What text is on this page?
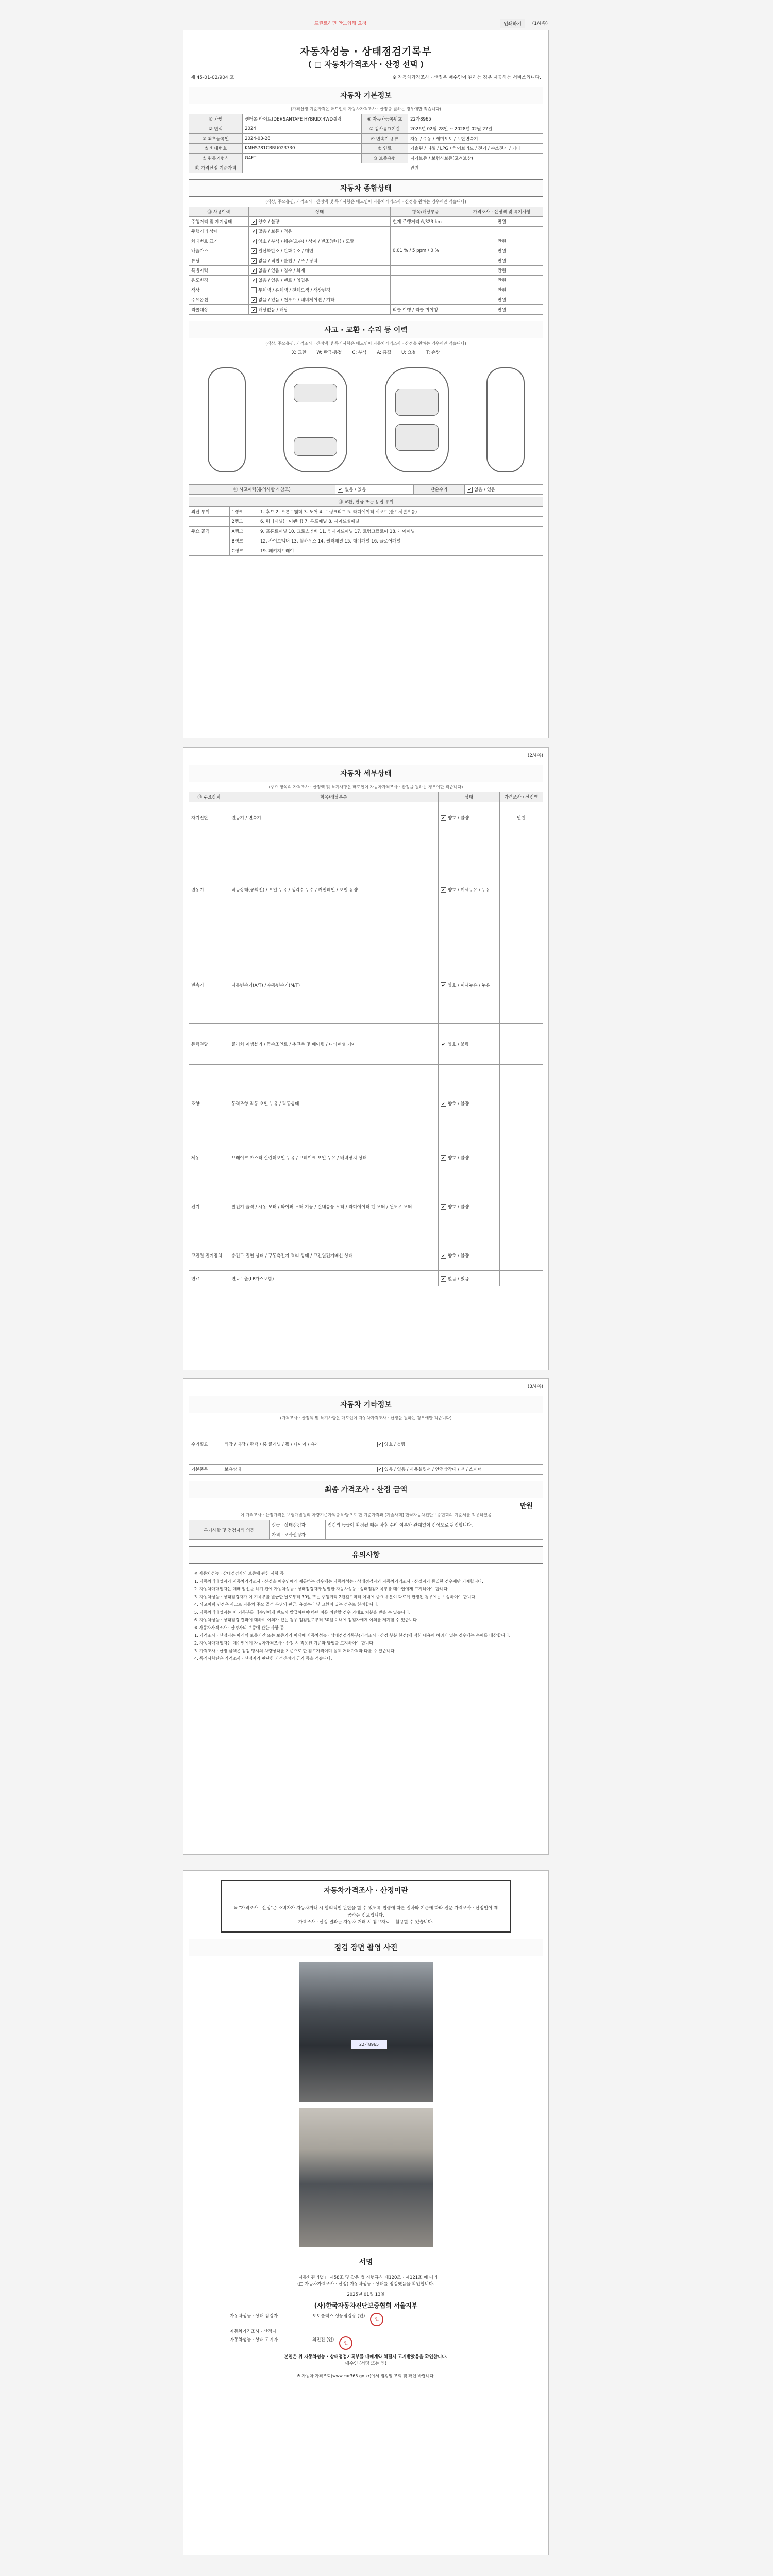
프린트하면 안보입해 요청	인쇄하기	(1/4쪽)
자동차성능 · 상태점검기록부
( □ 자동차가격조사 · 산정 선택 )
제 45-01-02/904 호	※ 자동차가격조사 · 산정은 매수인이 원하는 경우 제공하는 서비스입니다.
자동차 기본정보
(가격산정 기준가격은 매도인이 자동차가격조사 · 산정을 원하는 경우에만 적습니다)
① 차명	센터롤 라이트(DE)(SANTAFE HYBRID)4WD캘링	⑧ 자동차등록번호	22가8965
② 연식	2024	⑨ 검사유효기간	2026년 02월 28일 ~ 2028년 02월 27일
③ 최초등록일	2024-03-28	④ 변속기 종류	자동 / 수동 / 세미오토 / 무단변속기
⑤ 차대번호	KMHS781CBRU023730	⑦ 연료	가솔린 / 디젤 / LPG / 하이브리드 / 전기 / 수소전기 / 기타
⑥ 원동기형식	G4FT	⑩ 보증유형	자가보증 / 보험사보증(고려보상)
⑪ 가격산정 기준가격			만원
자동차 종합상태
(색상, 주요옵션, 가격조사 · 산정액 및 특기사항은 매도인이 자동차가격조사 · 산정을 원하는 경우에만 적습니다)
⑫ 사용이력	상태	항목/해당부품	가격조사 · 산정액 및 특기사항
주행거리 및 계기상태	✔양호 / 불량	현재 주행거리 6,323 km	만원
주행거리 상태	✔많음 / 보통 / 적음		
차대번호 표기	✔양호 / 부식 / 훼손(오손) / 상이 / 변조(변타) / 도말		만원
배출가스	✔일산화탄소 / 탄화수소 / 매연	0.01 % / 5 ppm / 0 %	만원
튜닝	✔없음 / 적법 / 불법 / 구조 / 장치		만원
특별이력	✔없음 / 있음 / 침수 / 화재		만원
용도변경	✔없음 / 있음 / 렌트 / 영업용		만원
색상	무채색 / 유채색 / 전체도색 / 색상변경		만원
주요옵션	✔없음 / 있음 / 썬루프 / 네비게이션 / 기타		만원
리콜대상	✔해당없음 / 해당	리콜 이행 / 리콜 미이행	만원
사고 · 교환 · 수리 등 이력
(색상, 주요옵션, 가격조사 · 산정액 및 특기사항은 매도인이 자동차가격조사 · 산정을 원하는 경우에만 적습니다)
X: 교환 W: 판금·용접 C: 부식 A: 흠집 U: 요철 T: 손상
⑬ 사고이력(유의사항 4 참조)	✔없음 / 있음	단순수리	✔없음 / 있음
⑭ 교환, 판금 또는 용접 부위		
외판 부위	1랭크	1. 후드 2. 프론트휀더 3. 도어 4. 트렁크리드 5. 라디에이터 서포트(볼트체결부품)
	2랭크	6. 쿼터패널(리어펜더) 7. 루프패널 8. 사이드실패널
주요 골격	A랭크	9. 프론트패널 10. 크로스멤버 11. 인사이드패널 17. 트렁크플로어 18. 리어패널
	B랭크	12. 사이드멤버 13. 휠하우스 14. 필러패널 15. 대쉬패널 16. 플로어패널
	C랭크	19. 패키지트레이
(2/4쪽)
자동차 세부상태
(주요 항목의 가격조사 · 산정액 및 특기사항은 매도인이 자동차가격조사 · 산정을 원하는 경우에만 적습니다)
⑮ 주요장치	항목/해당부품	상태	가격조사 · 산정액
자기진단	원동기 / 변속기	✔양호 / 불량	만원
원동기	작동상태(공회전) / 오일 누유 / 냉각수 누수 / 커먼레일 / 오일 유량	✔양호 / 미세누유 / 누유	
변속기	자동변속기(A/T) / 수동변속기(M/T)	✔양호 / 미세누유 / 누유	
동력전달	클러치 어셈블리 / 등속조인트 / 추진축 및 베어링 / 디퍼렌셜 기어	✔양호 / 불량	
조향	동력조향 작동 오일 누유 / 작동상태	✔양호 / 불량	
제동	브레이크 마스터 실린더오일 누유 / 브레이크 오일 누유 / 배력장치 상태	✔양호 / 불량	
전기	발전기 출력 / 시동 모터 / 와이퍼 모터 기능 / 실내송풍 모터 / 라디에이터 팬 모터 / 윈도우 모터	✔양호 / 불량	
고전원 전기장치	충전구 절연 상태 / 구동축전지 격리 상태 / 고전원전기배선 상태	✔양호 / 불량	
연료	연료누출(LP가스포함)	✔없음 / 있음	
(3/4쪽)
자동차 기타정보
(가격조사 · 산정액 및 특기사항은 매도인이 자동차가격조사 · 산정을 원하는 경우에만 적습니다)
수리필요	외장 / 내장 / 광택 / 룸 클리닝 / 휠 / 타이어 / 유리	✔양호 / 불량
기본품목	보유상태	✔있음 / 없음 / 사용설명서 / 안전삼각대 / 잭 / 스패너
최종 가격조사 · 산정 금액
만원
이 가격조사 · 산정가격은 보험개발원의 차량기준가액을 바탕으로 한 기준가격과 [기술사회] 한국자동차진단보증협회의 기준서를 적용하였음
특기사항 및 점검자의 의견	성능 · 상태점검자	점검의 등급이 확정될 때는 차후 수리 여부와 관계없이 정상으로 판정합니다.
	가격 · 조사산정자	
유의사항

※ 자동차성능 · 상태점검자의 보증에 관한 사항 등

1. 자동차매매업자가 자동차가격조사 · 산정을 매수인에게 제공하는 경우에는 자동차성능 · 상태점검자와 자동차가격조사 · 산정자가 동일한 경우에만 기재합니다.

2. 자동차매매업자는 매매 알선을 하기 전에 자동차성능 · 상태점검자가 발행한 자동차성능 · 상태점검기록부를 매수인에게 고지하여야 합니다.

3. 자동차성능 · 상태점검자가 이 기록부를 발급한 날로부터 30일 또는 주행거리 2천킬로미터 이내에 중요 부분이 다르게 판정된 경우에는 보상하여야 합니다.

4. 사고이력 인정은 사고로 자동차 주요 골격 부위의 판금, 용접수리 및 교환이 있는 경우로 한정합니다.

5. 자동차매매업자는 이 기록부를 매수인에게 반드시 발급하여야 하며 이를 위반할 경우 과태료 처분을 받을 수 있습니다.

6. 자동차성능 · 상태점검 결과에 대하여 이의가 있는 경우 점검일로부터 30일 이내에 점검자에게 이의를 제기할 수 있습니다.

※ 자동차가격조사 · 산정자의 보증에 관한 사항 등

1. 가격조사 · 산정자는 아래의 보증기간 또는 보증거리 이내에 자동차성능 · 상태점검기록부(가격조사 · 산정 부분 한정)에 적힌 내용에 허위가 있는 경우에는 손해를 배상합니다.

2. 자동차매매업자는 매수인에게 자동차가격조사 · 산정 시 적용된 기준과 방법을 고지하여야 합니다.

3. 가격조사 · 산정 금액은 점검 당시의 차량상태를 기준으로 한 참고가격이며 실제 거래가격과 다를 수 있습니다.

4. 특기사항란은 가격조사 · 산정자가 판단한 가격산정의 근거 등을 적습니다.

자동차가격조사 · 산정이란
※ "가격조사 · 산정"은 소비자가 자동차거래 시 합리적인 판단을 할 수 있도록 법령에 따른 절차와 기준에 따라 전문 가격조사 · 산정인이 제공하는 정보입니다.
가격조사 · 산정 결과는 자동차 거래 시 참고자료로 활용할 수 있습니다.
점검 장면 촬영 사진
22가8965
서명
「자동차관리법」 제58조 및 같은 법 시행규칙 제120조 · 제121조 에 따라
(□ 자동차가격조사 · 산정) 자동차성능 · 상태를 점검했음을 확인합니다.
2025년 01월 13일
(사)한국자동차진단보증협회 서울지부
자동차성능 · 상태 점검자	오토플렉스 성능점검장 (인)
인
자동차가격조사 · 산정자
자동차성능 · 상태 고지자	최민진 (인)
인
본인은 위 자동차성능 · 상태점검기록부를 매매계약 체결시 고지받았음을 확인합니다.
매수인 (서명 또는 인)
※ 자동차 가격조회(www.car365.go.kr)에서 점검일 조회 및 확인 바랍니다.
